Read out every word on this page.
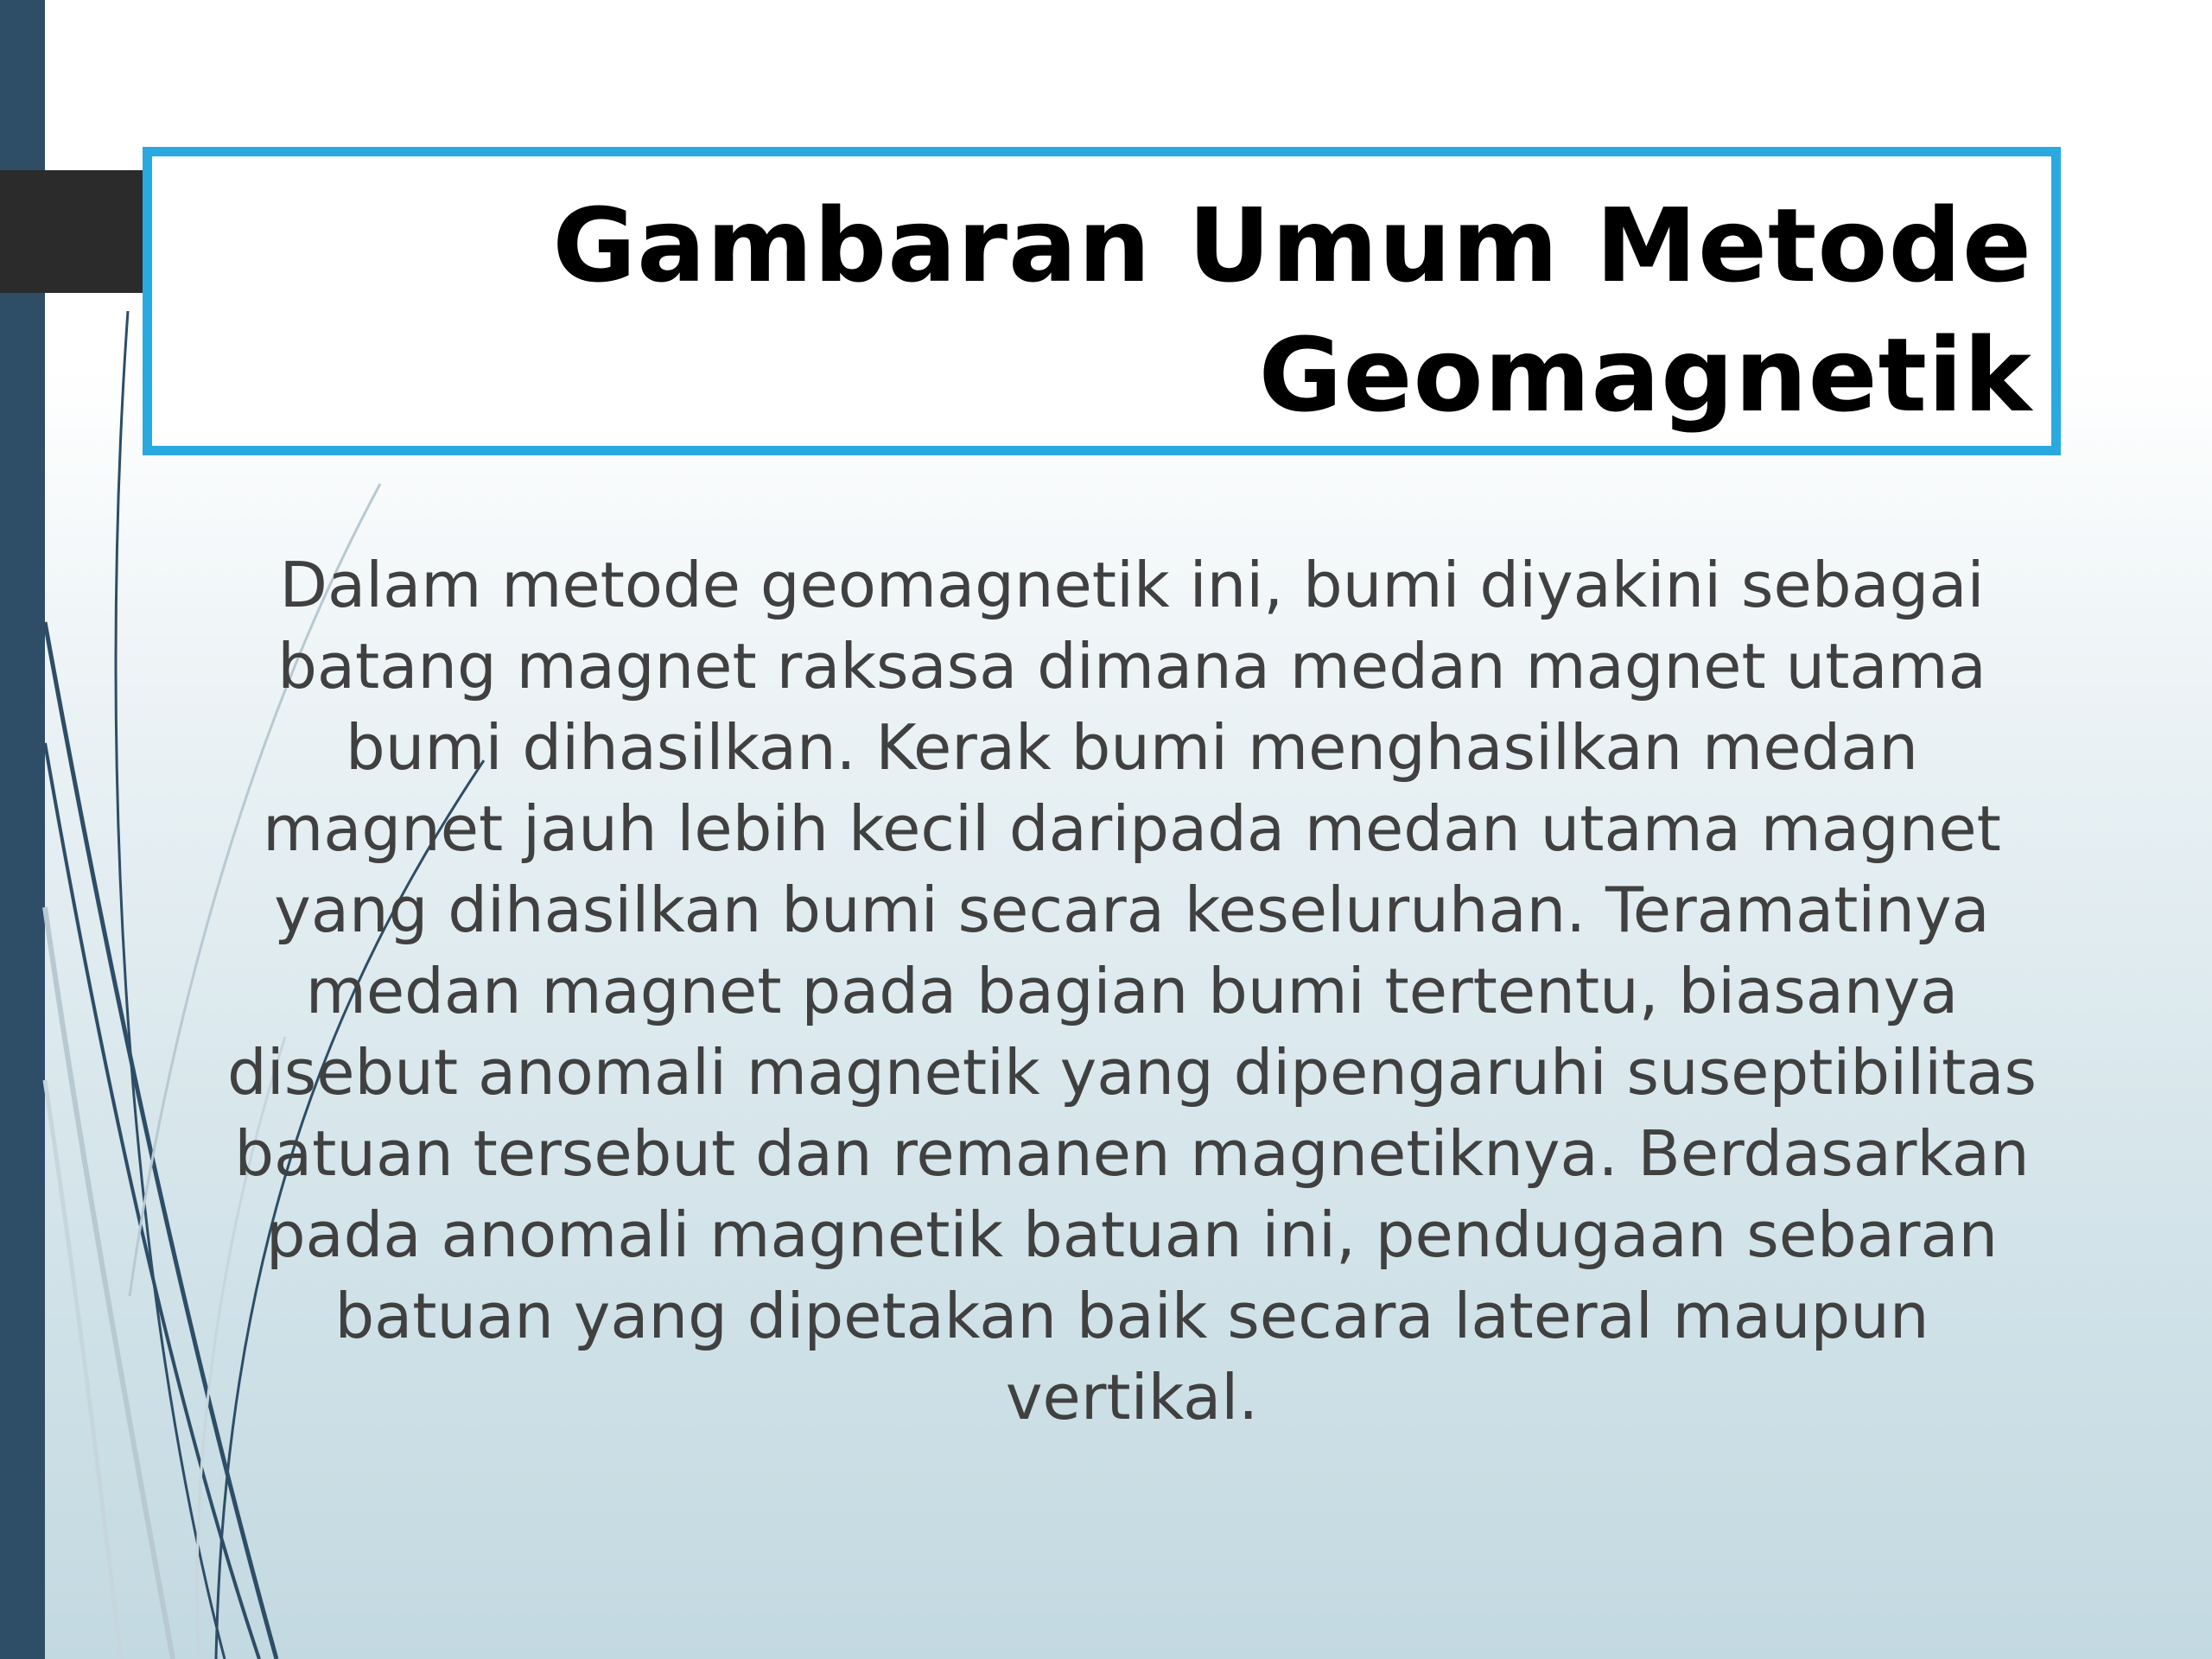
Gambaran Umum Metode Geomagnetik
Dalam metode geomagnetik ini, bumi diyakini sebagai batang magnet raksasa dimana medan magnet utama bumi dihasilkan. Kerak bumi menghasilkan medan magnet jauh lebih kecil daripada medan utama magnet yang dihasilkan bumi secara keseluruhan. Teramatinya medan magnet pada bagian bumi tertentu, biasanya disebut anomali magnetik yang dipengaruhi suseptibilitas batuan tersebut dan remanen magnetiknya. Berdasarkan pada anomali magnetik batuan ini, pendugaan sebaran batuan yang dipetakan baik secara lateral maupun vertikal.
